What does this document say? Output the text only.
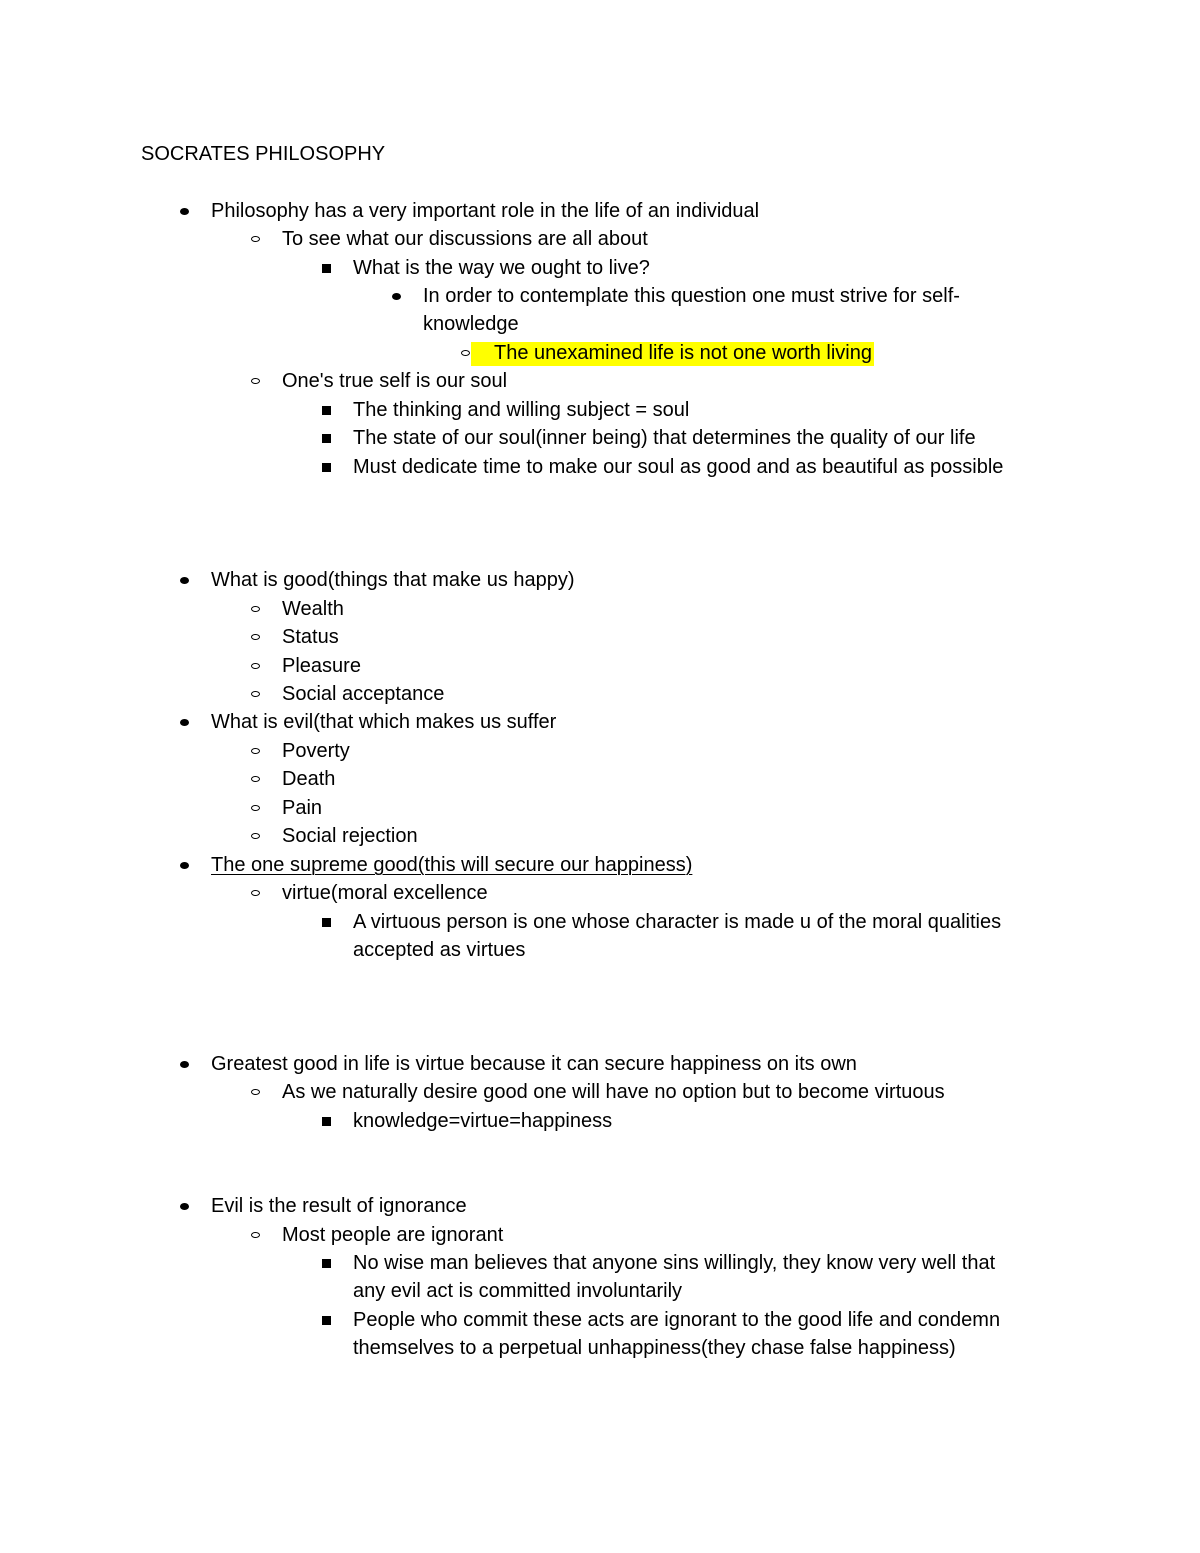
SOCRATES PHILOSOPHY
Philosophy has a very important role in the life of an individual
To see what our discussions are all about
What is the way we ought to live?
In order to contemplate this question one must strive for self-
knowledge
The unexamined life is not one worth living
One's true self is our soul
The thinking and willing subject = soul
The state of our soul(inner being) that determines the quality of our life
Must dedicate time to make our soul as good and as beautiful as possible
What is good(things that make us happy)
Wealth
Status
Pleasure
Social acceptance
What is evil(that which makes us suffer
Poverty
Death
Pain
Social rejection
The one supreme good(this will secure our happiness)
virtue(moral excellence
A virtuous person is one whose character is made u of the moral qualities
accepted as virtues
Greatest good in life is virtue because it can secure happiness on its own
As we naturally desire good one will have no option but to become virtuous
knowledge=virtue=happiness
Evil is the result of ignorance
Most people are ignorant
No wise man believes that anyone sins willingly, they know very well that
any evil act is committed involuntarily
People who commit these acts are ignorant to the good life and condemn
themselves to a perpetual unhappiness(they chase false happiness)
